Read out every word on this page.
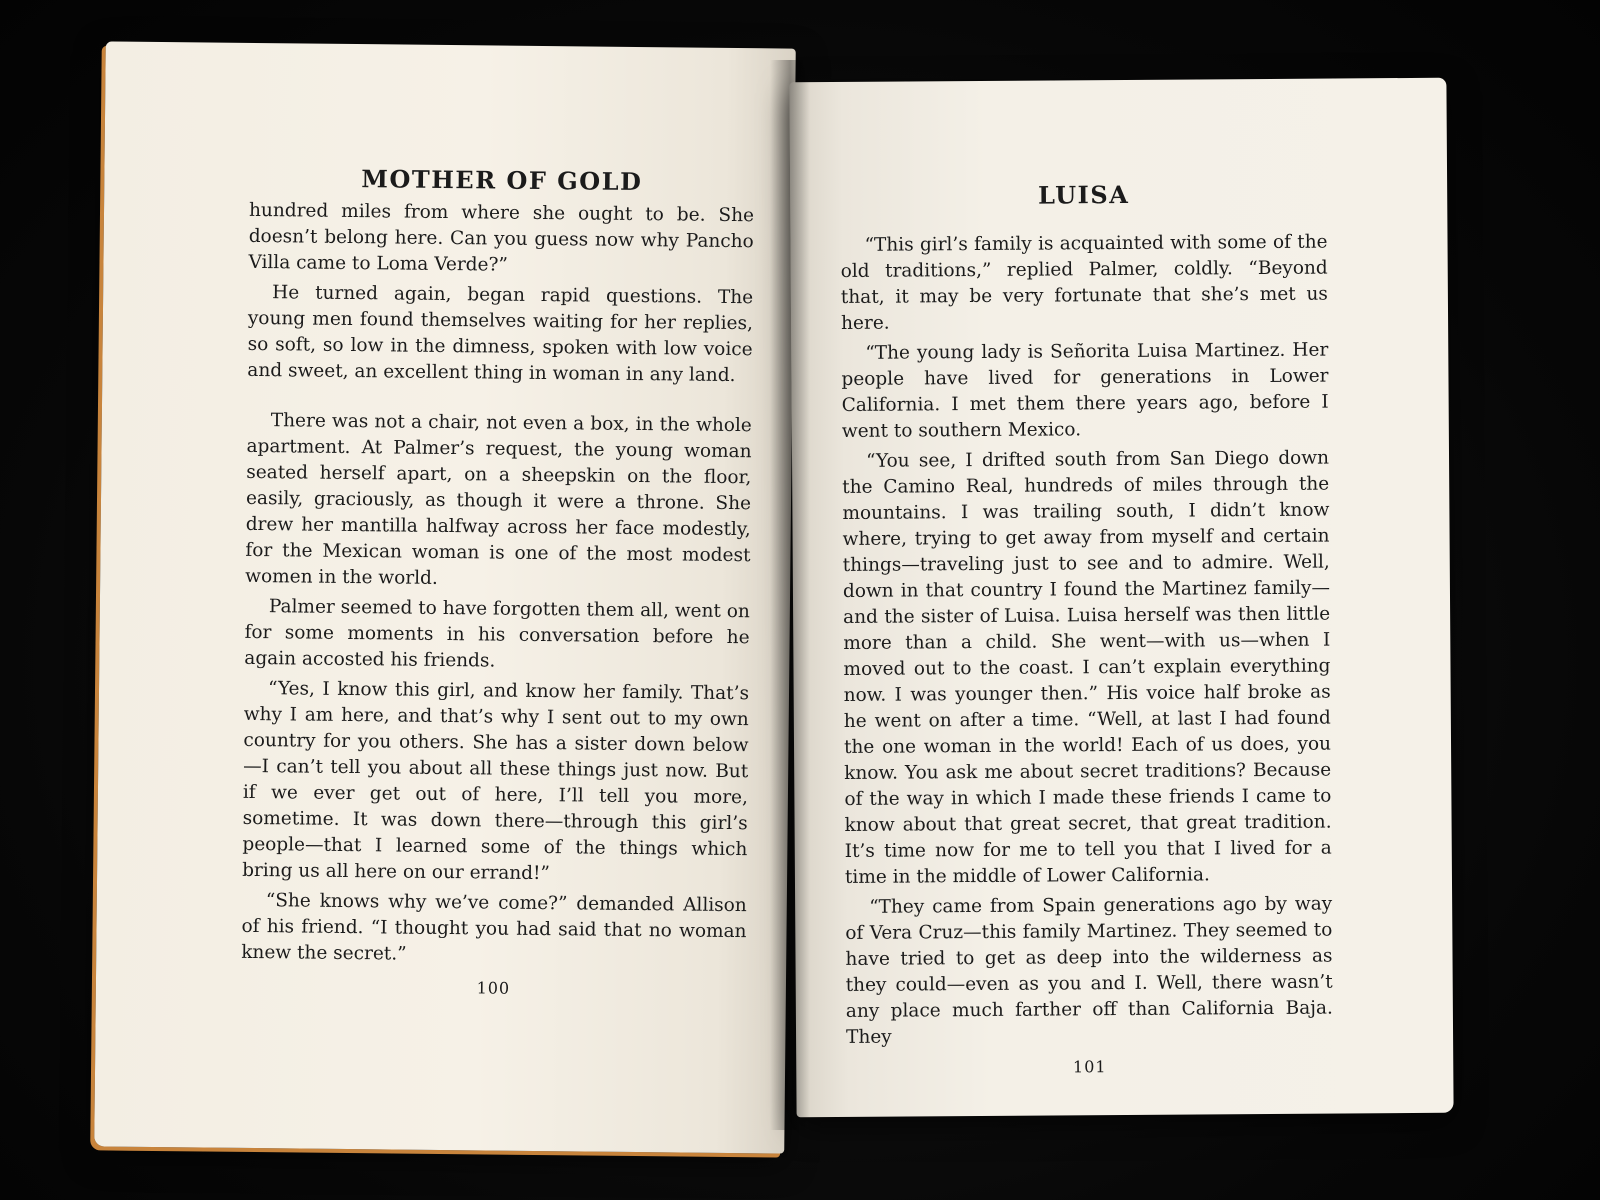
MOTHER OF GOLD

hundred miles from where she ought to be. She doesn’t belong here. Can you guess now why Pancho Villa came to Loma Verde?”

He turned again, began rapid questions. The young men found themselves waiting for her replies, so soft, so low in the dimness, spoken with low voice and sweet, an excellent thing in woman in any land.

There was not a chair, not even a box, in the whole apartment. At Palmer’s request, the young woman seated herself apart, on a sheepskin on the floor, easily, graciously, as though it were a throne. She drew her mantilla halfway across her face modestly, for the Mexican woman is one of the most modest women in the world.

Palmer seemed to have forgotten them all, went on for some moments in his conversation before he again accosted his friends.

“Yes, I know this girl, and know her family. That’s why I am here, and that’s why I sent out to my own country for you others. She has a sister down below —I can’t tell you about all these things just now. But if we ever get out of here, I’ll tell you more, sometime. It was down there—through this girl’s people—that I learned some of the things which bring us all here on our errand!”

“She knows why we’ve come?” demanded Allison of his friend. “I thought you had said that no woman knew the secret.”

100
LUISA

“This girl’s family is acquainted with some of the old traditions,” replied Palmer, coldly. “Beyond that, it may be very fortunate that she’s met us here.

“The young lady is Señorita Luisa Martinez. Her people have lived for generations in Lower California. I met them there years ago, before I went to southern Mexico.

“You see, I drifted south from San Diego down the Camino Real, hundreds of miles through the mountains. I was trailing south, I didn’t know where, trying to get away from myself and certain things—traveling just to see and to admire. Well, down in that country I found the Martinez family—and the sister of Luisa. Luisa herself was then little more than a child. She went—with us—when I moved out to the coast. I can’t explain everything now. I was younger then.” His voice half broke as he went on after a time. “Well, at last I had found the one woman in the world! Each of us does, you know. You ask me about secret traditions? Because of the way in which I made these friends I came to know about that great secret, that great tradition. It’s time now for me to tell you that I lived for a time in the middle of Lower California.

“They came from Spain generations ago by way of Vera Cruz—this family Martinez. They seemed to have tried to get as deep into the wilderness as they could—even as you and I. Well, there wasn’t any place much farther off than California Baja. They

101
